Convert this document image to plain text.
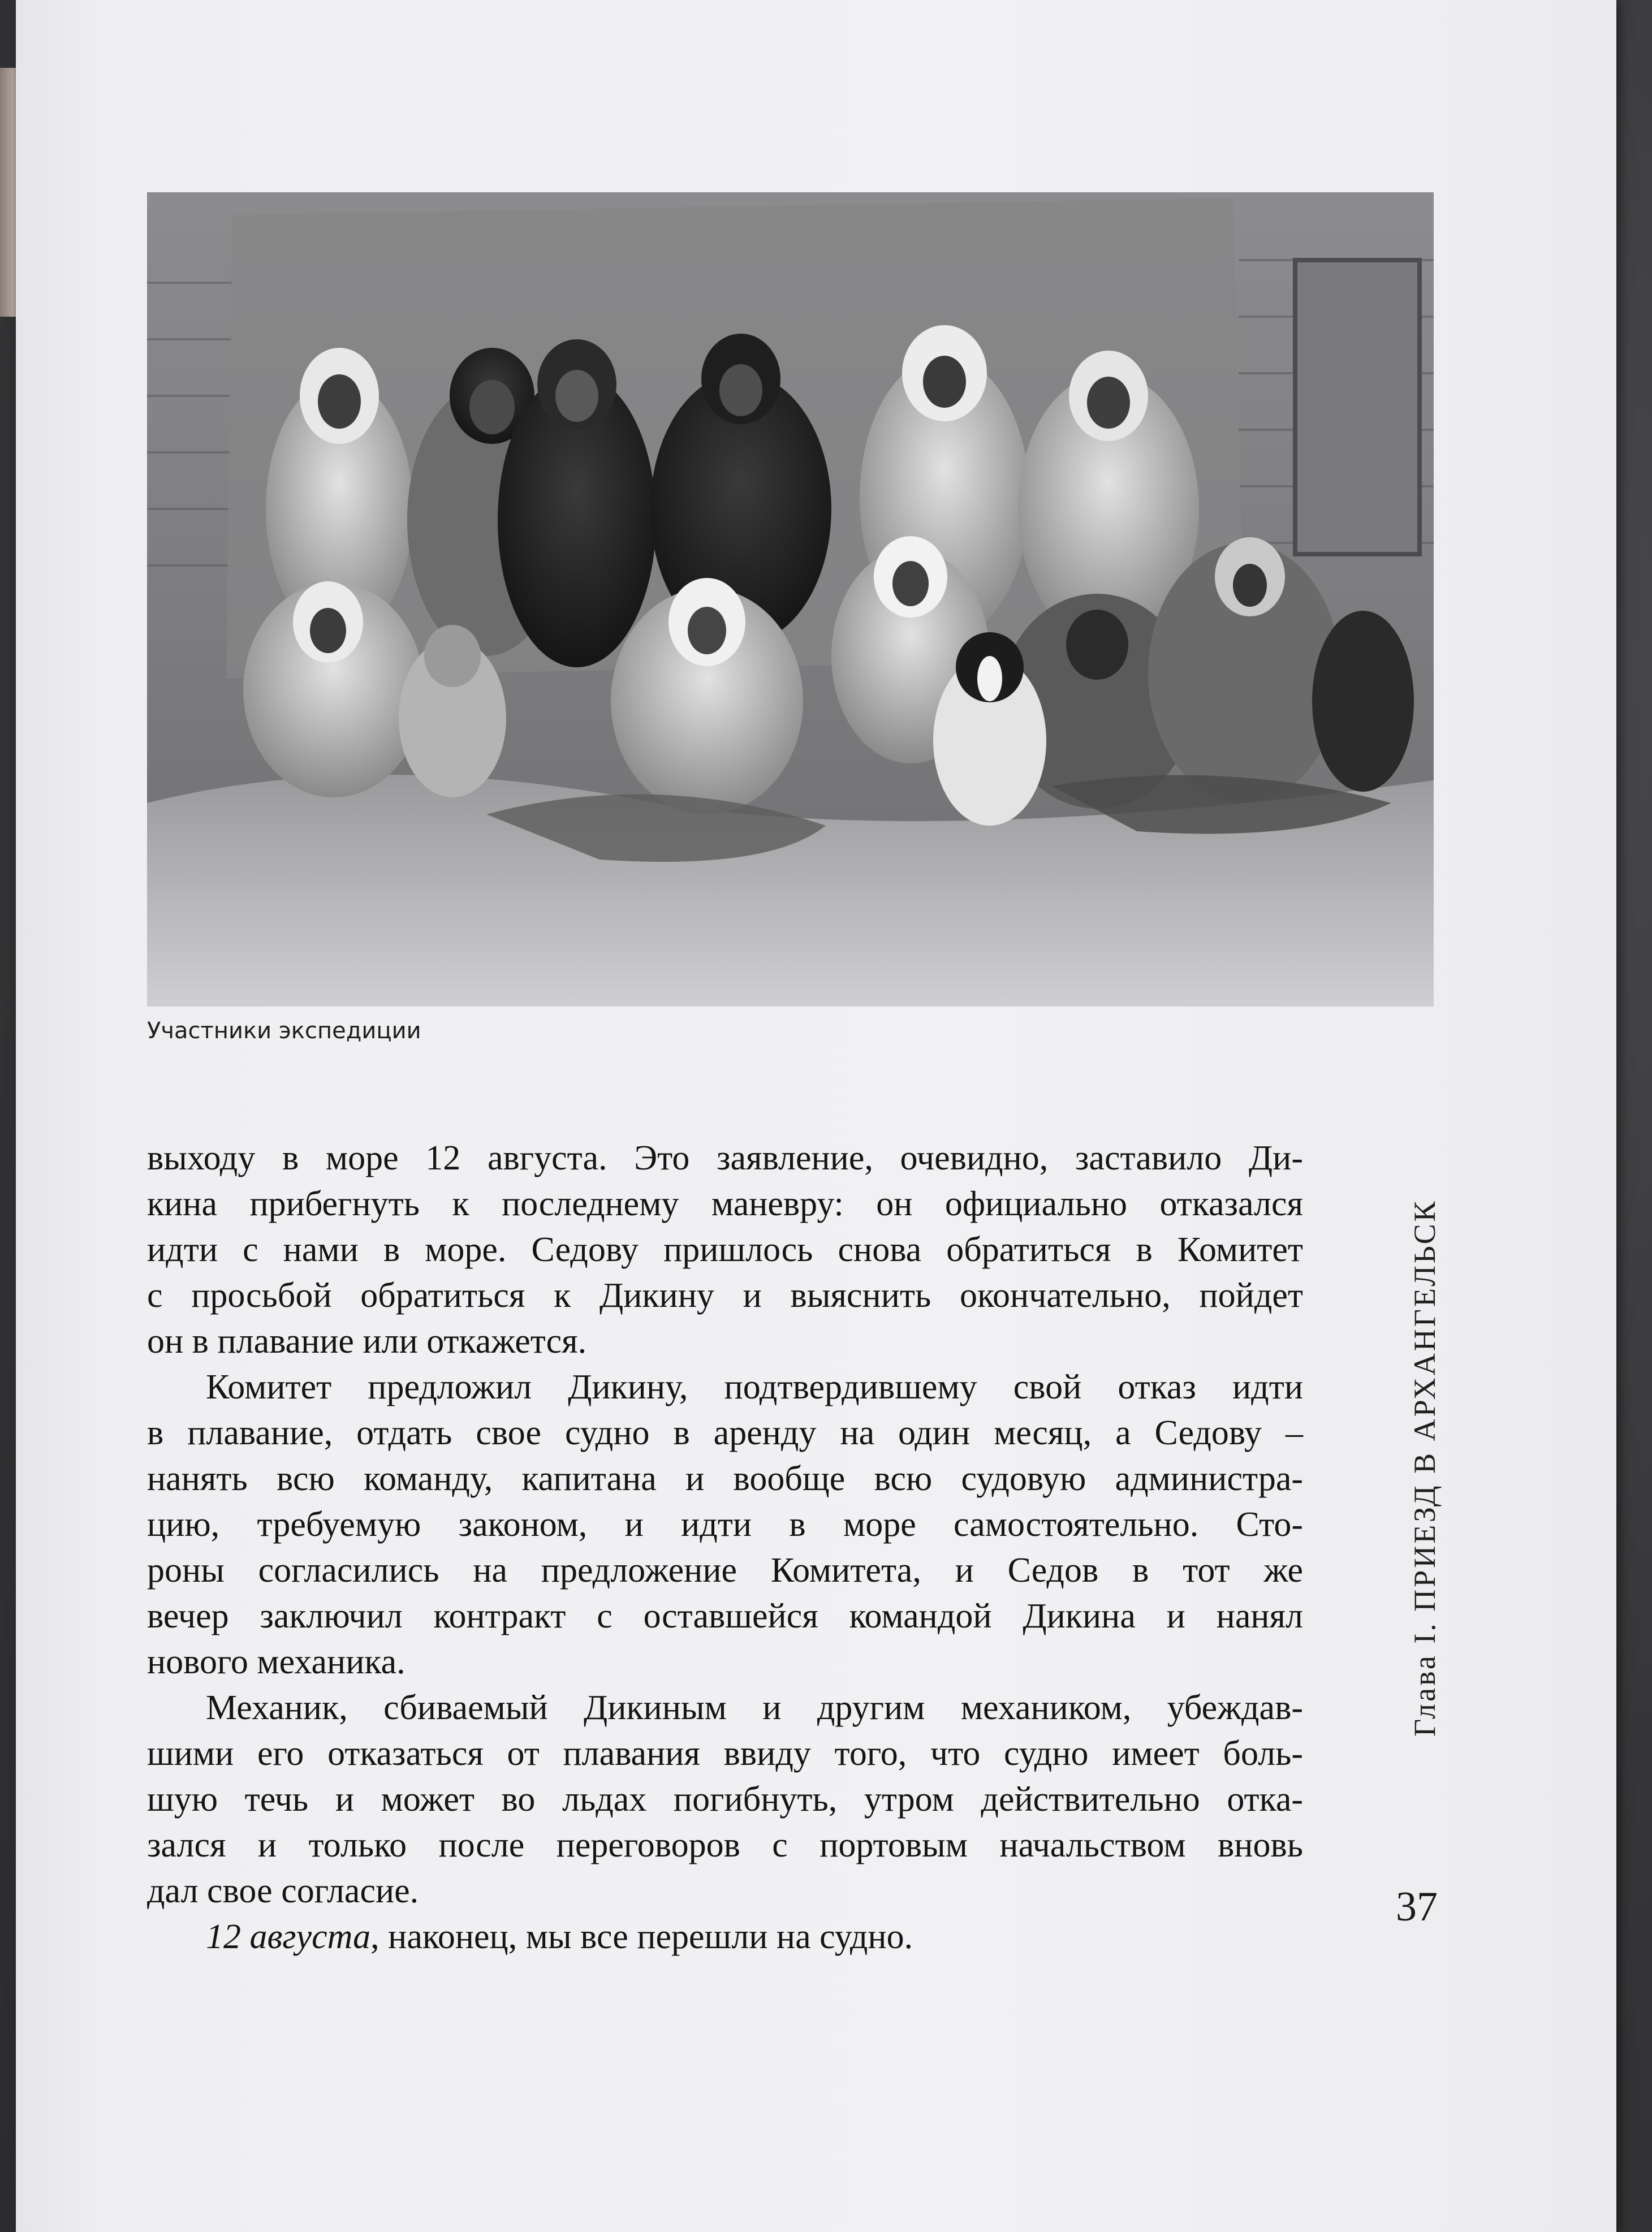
Участники экспедиции

выходу в море 12 августа. Это заявление, очевидно, заставило Ди-
кина прибегнуть к последнему маневру: он официально отказался
идти с нами в море. Седову пришлось снова обратиться в Комитет
с просьбой обратиться к Дикину и выяснить окончательно, пойдет
он в плавание или откажется.

Комитет предложил Дикину, подтвердившему свой отказ идти
в плавание, отдать свое судно в аренду на один месяц, а Седову –
нанять всю команду, капитана и вообще всю судовую администра-
цию, требуемую законом, и идти в море самостоятельно. Сто-
роны согласились на предложение Комитета, и Седов в тот же
вечер заключил контракт с оставшейся командой Дикина и нанял
нового механика.

Механик, сбиваемый Дикиным и другим механиком, убеждав-
шими его отказаться от плавания ввиду того, что судно имеет боль-
шую течь и может во льдах погибнуть, утром действительно отка-
зался и только после переговоров с портовым начальством вновь
дал свое согласие.

12 августа, наконец, мы все перешли на судно.

Глава I. ПРИЕЗД В АРХАНГЕЛЬСК
37
